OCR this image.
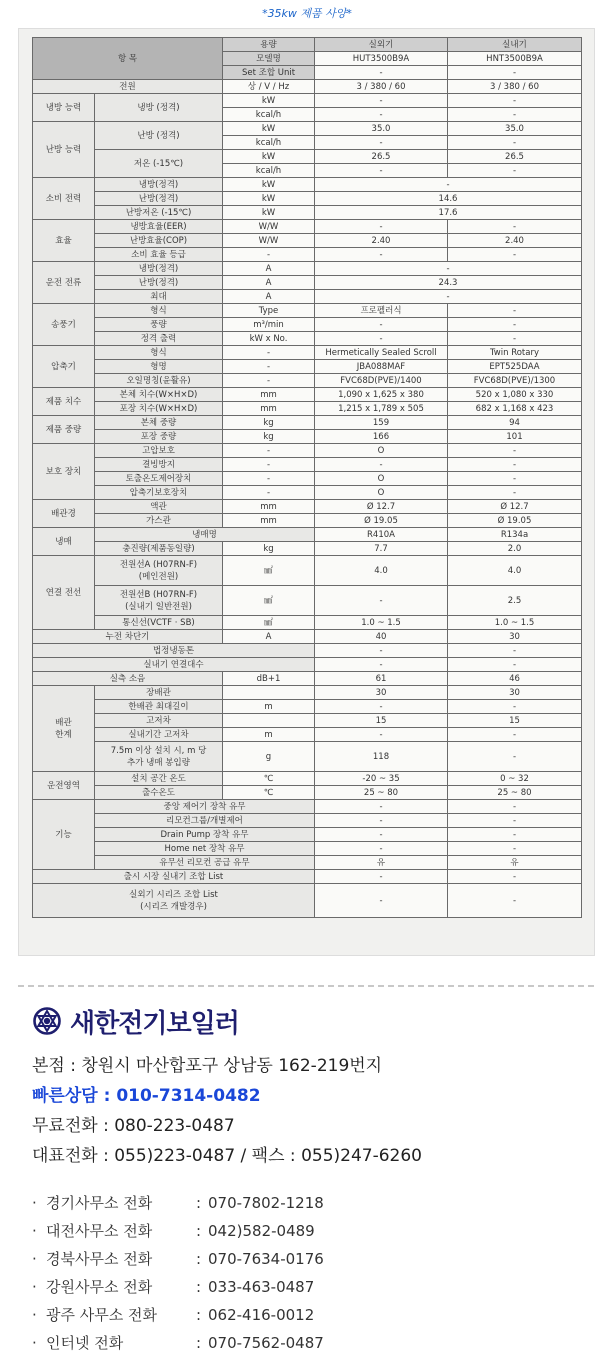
*35kw 제품 사양*
항 목		용량	실외기	실내기
		모델명	HUT3500B9A	HNT3500B9A
		Set 조합 Unit	-	-
전원		상 / V / Hz	3 / 380 / 60	3 / 380 / 60
냉방 능력	냉방 (정격)	kW	-	-
		kcal/h	-	-
난방 능력	난방 (정격)	kW	35.0	35.0
		kcal/h	-	-
	저온 (-15℃)	kW	26.5	26.5
		kcal/h	-	-
소비 전력	냉방(정격)	kW	-	
	난방(정격)	kW	14.6	
	난방저온 (-15℃)	kW	17.6	
효율	냉방효율(EER)	W/W	-	-
	난방효율(COP)	W/W	2.40	2.40
	소비 효율 등급	-	-	-
운전 전류	냉방(정격)	A	-	
	난방(정격)	A	24.3	
	최대	A	-	
송풍기	형식	Type	프로펠러식	-
	풍량	m³/min	-	-
	정격 출력	kW x No.	-	-
압축기	형식	-	Hermetically Sealed Scroll	Twin Rotary
	형명	-	JBA088MAF	EPT525DAA
	오일명칭(윤활유)	-	FVC68D(PVE)/1400	FVC68D(PVE)/1300
제품 치수	본체 치수(W×H×D)	mm	1,090 x 1,625 x 380	520 x 1,080 x 330
	포장 치수(W×H×D)	mm	1,215 x 1,789 x 505	682 x 1,168 x 423
제품 중량	본체 중량	kg	159	94
	포장 중량	kg	166	101
보호 장치	고압보호	-	O	-
	결빙방지	-	-	-
	토출온도제어장치	-	O	-
	압축기보호장치	-	O	-
배관경	액관	mm	Ø 12.7	Ø 12.7
	가스관	mm	Ø 19.05	Ø 19.05
냉매	냉매명		R410A	R134a
	충진량(제품동일량)	kg	7.7	2.0
연결 전선	전원선A (H07RN-F)
(메인전원)	㎟	4.0	4.0
	전원선B (H07RN-F)
(실내기 일반전원)	㎟	-	2.5
	통신선(VCTF · SB)	㎟	1.0 ~ 1.5	1.0 ~ 1.5
누전 차단기		A	40	30
법정냉동톤			-	-
실내기 연결대수			-	-
실측 소음		dB+1	61	46
배관
한계	장배관		30	30
	한배관 최대길이	m	-	-
	고저차		15	15
	실내기간 고저차	m	-	-
	7.5m 이상 설치 시, m 당
추가 냉매 봉입량	g	118	-
운전영역	설치 공간 온도	℃	-20 ~ 35	0 ~ 32
	출수온도	℃	25 ~ 80	25 ~ 80
기능	중앙 제어기 장착 유무		-	-
	리모컨그룹/개별제어		-	-
	Drain Pump 장착 유무		-	-
	Home net 장착 유무		-	-
	유무선 리모컨 공급 유무		유	유
출시 시장 실내기 조합 List			-	-
실외기 시리즈 조합 List
(시리즈 개발경우)			-	-
새한전기보일러
본점 : 창원시 마산합포구 상남동 162-219번지
빠른상담 : 010-7314-0482
무료전화 : 080-223-0487
대표전화 : 055)223-0487 / 팩스 : 055)247-6260
· 경기사무소 전화	: 070-7802-1218
· 대전사무소 전화	: 042)582-0489
· 경북사무소 전화	: 070-7634-0176
· 강원사무소 전화	: 033-463-0487
· 광주 사무소 전화	: 062-416-0012
· 인터넷 전화	: 070-7562-0487
